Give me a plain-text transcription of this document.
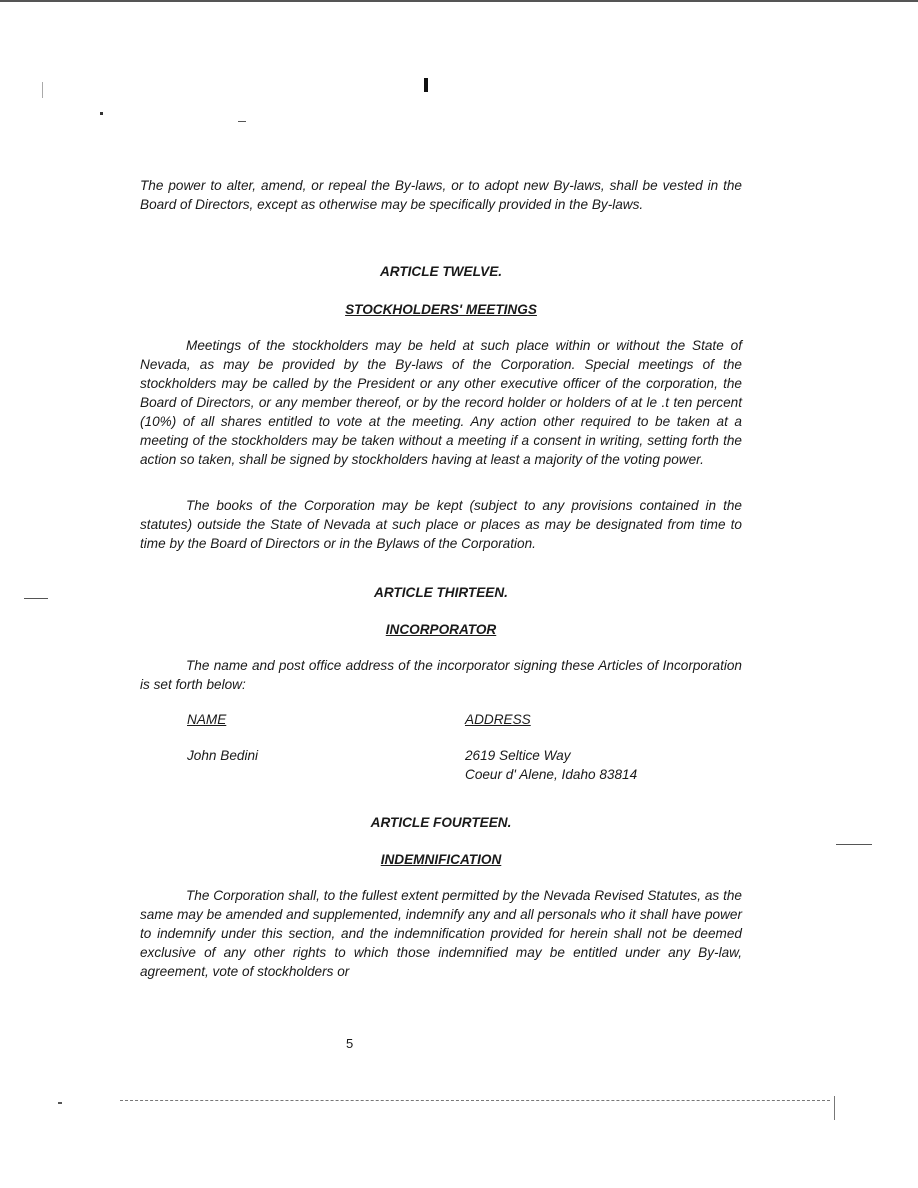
The power to alter, amend, or repeal the By-laws, or to adopt new By-laws, shall be vested in the Board of Directors, except as otherwise may be specifically provided in the By-laws.

ARTICLE TWELVE.

STOCKHOLDERS' MEETINGS

Meetings of the stockholders may be held at such place within or without the State of Nevada, as may be provided by the By-laws of the Corporation. Special meetings of the stockholders may be called by the President or any other executive officer of the corporation, the Board of Directors, or any member thereof, or by the record holder or holders of at le .t ten percent (10%) of all shares entitled to vote at the meeting. Any action other required to be taken at a meeting of the stockholders may be taken without a meeting if a consent in writing, setting forth the action so taken, shall be signed by stockholders having at least a majority of the voting power.

The books of the Corporation may be kept (subject to any provisions contained in the statutes) outside the State of Nevada at such place or places as may be designated from time to time by the Board of Directors or in the Bylaws of the Corporation.

ARTICLE THIRTEEN.

INCORPORATOR

The name and post office address of the incorporator signing these Articles of Incorporation is set forth below:

NAME	ADDRESS

John Bedini	2619 Seltice Way

Coeur d' Alene, Idaho 83814

ARTICLE FOURTEEN.

INDEMNIFICATION

The Corporation shall, to the fullest extent permitted by the Nevada Revised Statutes, as the same may be amended and supplemented, indemnify any and all personals who it shall have power to indemnify under this section, and the indemnification provided for herein shall not be deemed exclusive of any other rights to which those indemnified may be entitled under any By-law, agreement, vote of stockholders or

5
